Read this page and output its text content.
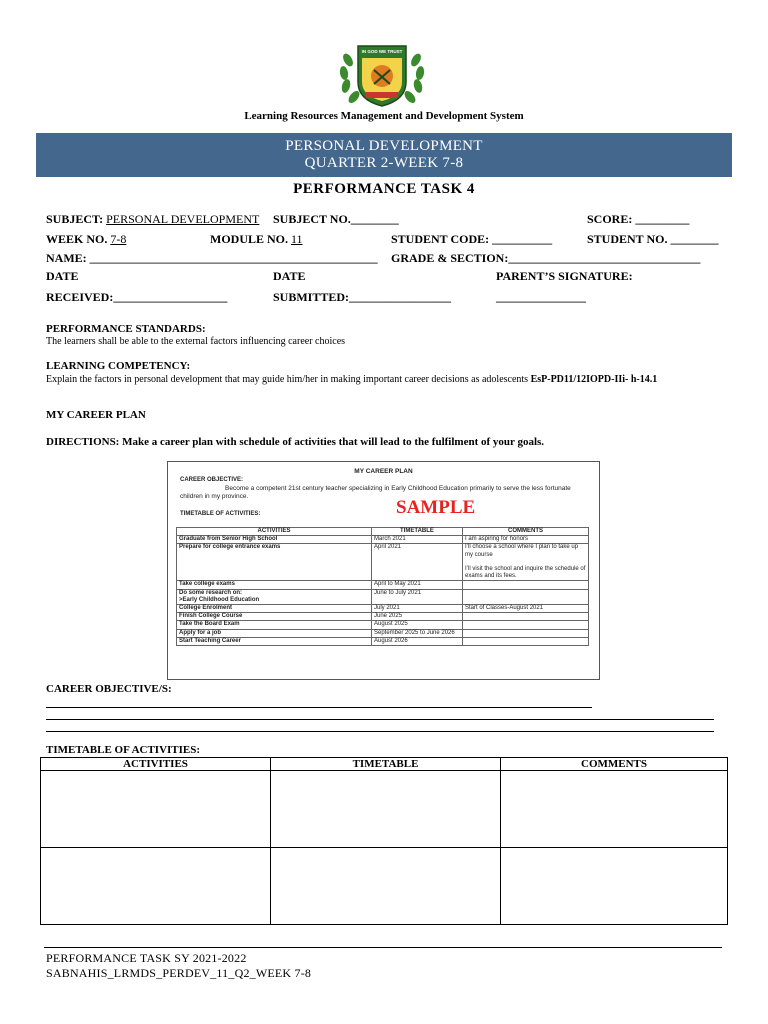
IN GOD WE TRUST
Learning Resources Management and Development System
PERSONAL DEVELOPMENT
QUARTER 2-WEEK 7-8
PERFORMANCE TASK 4
SUBJECT: PERSONAL DEVELOPMENT SUBJECT NO.________	SCORE: _________
WEEK NO. 7-8	MODULE NO. 11	STUDENT CODE: __________	STUDENT NO. ________
NAME: ________________________________________________ GRADE & SECTION:________________________________
DATE	DATE	PARENT’S SIGNATURE:
RECEIVED:___________________	SUBMITTED:_________________	_______________
PERFORMANCE STANDARDS:
The learners shall be able to the external factors influencing career choices
LEARNING COMPETENCY:
Explain the factors in personal development that may guide him/her in making important career decisions as adolescents EsP-PD11/12IOPD-IIi- h-14.1
MY CAREER PLAN
DIRECTIONS: Make a career plan with schedule of activities that will lead to the fulfilment of your goals.
MY CAREER PLAN
CAREER OBJECTIVE:
Become a competent 21st century teacher specializing in Early Childhood Education primarily to serve the less fortunate children in my province.
TIMETABLE OF ACTIVITIES:	SAMPLE
ACTIVITIES	TIMETABLE	COMMENTS
Graduate from Senior High School	March 2021	I am aspiring for honors
Prepare for college entrance exams	April 2021	I’ll choose a school where I plan to take up my course

I’ll visit the school and inquire the schedule of exams and its fees.
Take college exams	April to May 2021	
Do some research on:
>Early Childhood Education	June to July 2021	
College Enrolment	July 2021	Start of Classes-August 2021
Finish College Course	June 2025	
Take the Board Exam	August 2025	
Apply for a job	September 2025 to June 2026	
Start Teaching Career	August 2026	
CAREER OBJECTIVE/S:
TIMETABLE OF ACTIVITIES:
ACTIVITIES	TIMETABLE	COMMENTS

PERFORMANCE TASK SY 2021-2022
SABNAHIS_LRMDS_PERDEV_11_Q2_WEEK 7-8
